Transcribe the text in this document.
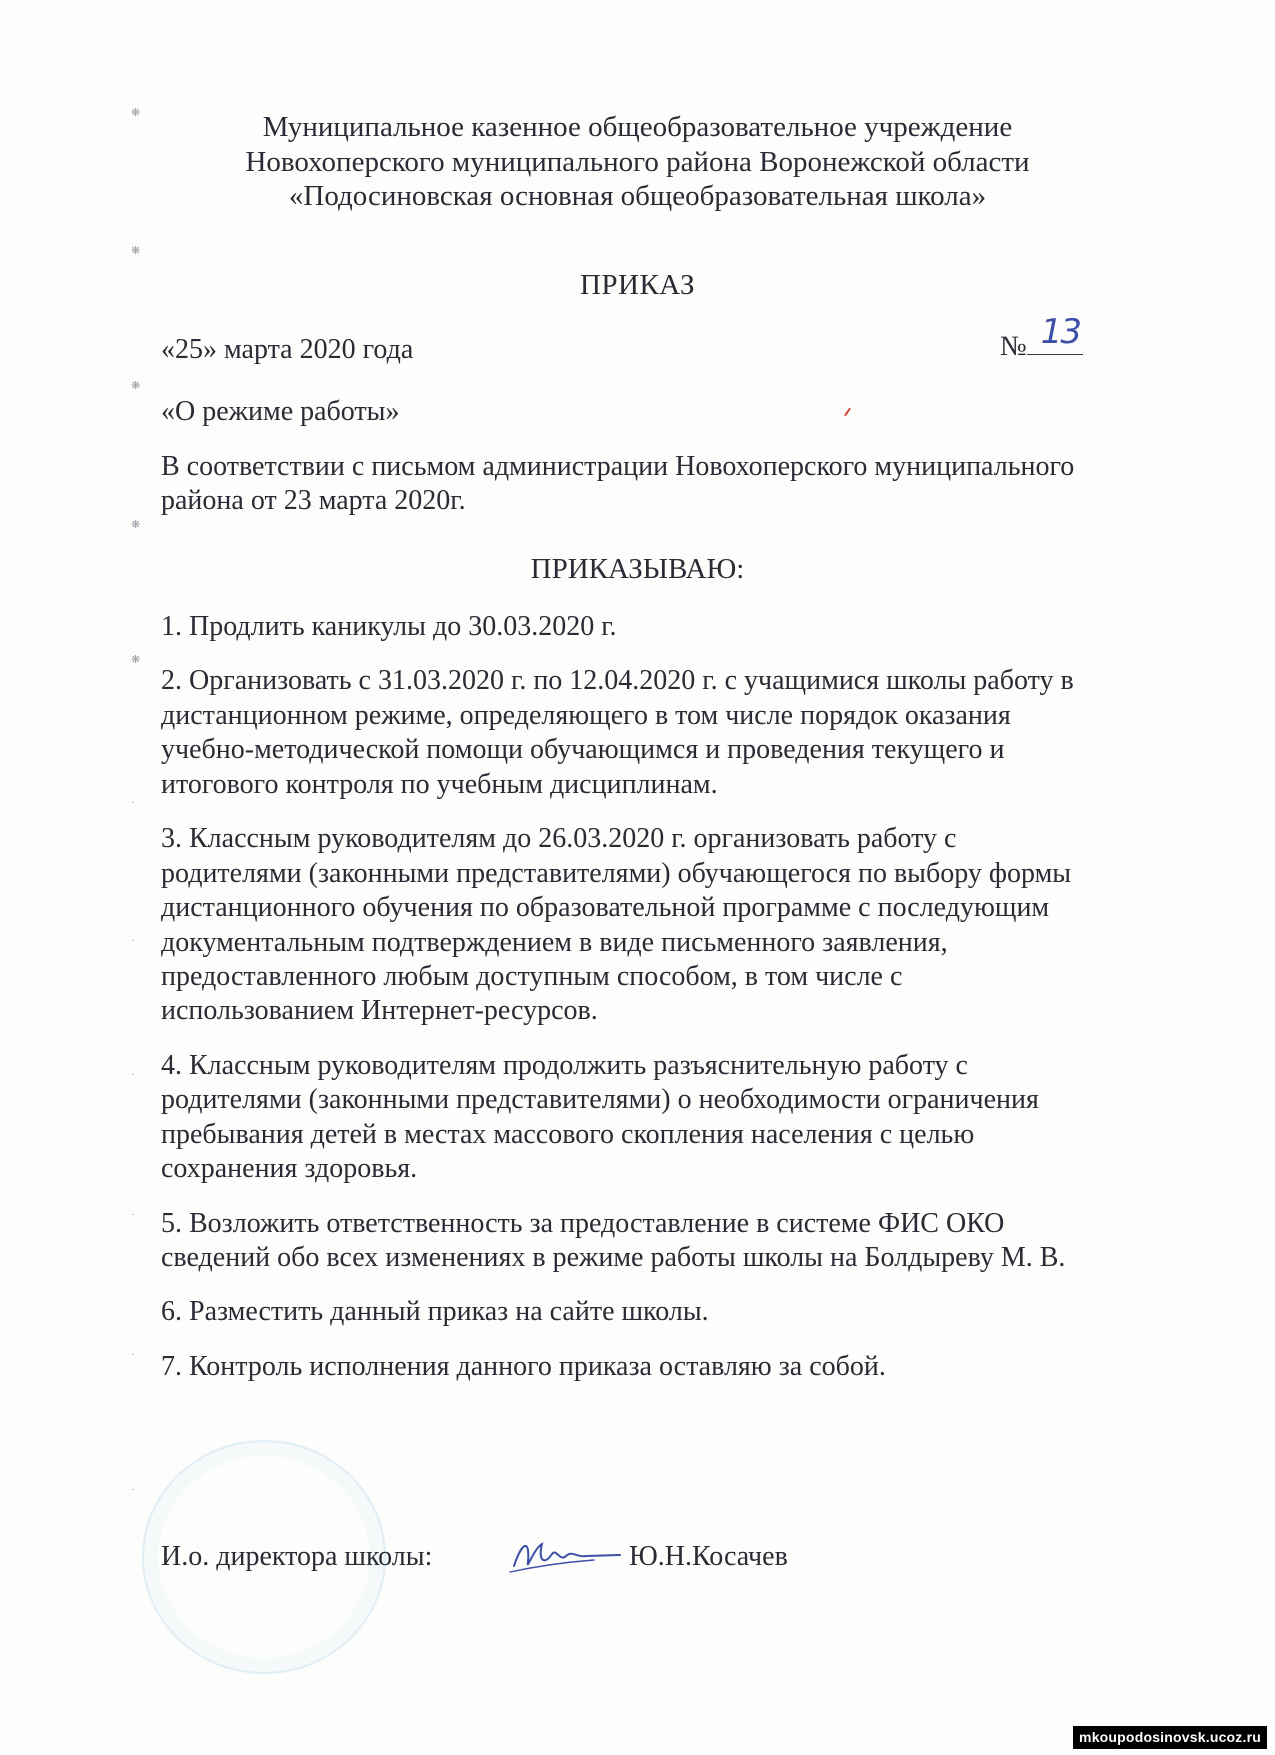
Муниципальное казенное общеобразовательное учреждение
Новохоперского муниципального района Воронежской области
«Подосиновская основная общеобразовательная школа»
ПРИКАЗ
«25» марта 2020 года	№ 13
«О режиме работы»
В соответствии с письмом администрации Новохоперского муниципального
района от 23 марта 2020г.
ПРИКАЗЫВАЮ:
1. Продлить каникулы до 30.03.2020 г.
2. Организовать с 31.03.2020 г. по 12.04.2020 г. с учащимися школы работу в
дистанционном режиме, определяющего в том числе порядок оказания
учебно-методической помощи обучающимся и проведения текущего и
итогового контроля по учебным дисциплинам.
3. Классным руководителям до 26.03.2020 г. организовать работу с
родителями (законными представителями) обучающегося по выбору формы
дистанционного обучения по образовательной программе с последующим
документальным подтверждением в виде письменного заявления,
предоставленного любым доступным способом, в том числе с
использованием Интернет-ресурсов.
4. Классным руководителям продолжить разъяснительную работу с
родителями (законными представителями) о необходимости ограничения
пребывания детей в местах массового скопления населения с целью
сохранения здоровья.
5. Возложить ответственность за предоставление в системе ФИС ОКО
сведений обо всех изменениях в режиме работы школы на Болдыреву М. В.
6. Разместить данный приказ на сайте школы.
7. Контроль исполнения данного приказа оставляю за собой.
И.о. директора школы:	Ю.Н.Косачев
❋
❋
❋
❋
❋
·
·
·
·
·
·
mkoupodosinovsk.ucoz.ru
